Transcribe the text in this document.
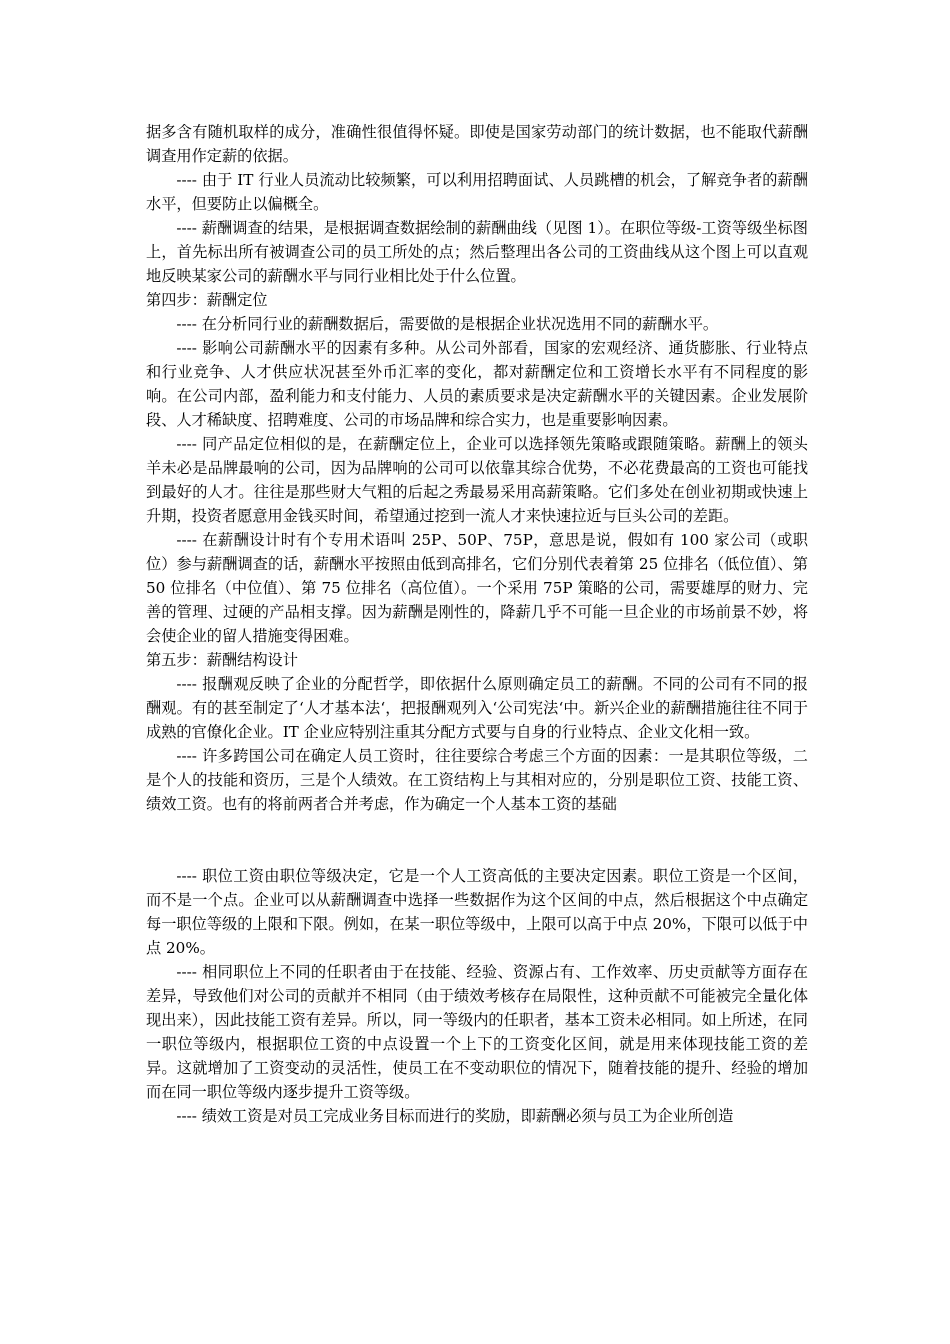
据多含有随机取样的成分，准确性很值得怀疑。即使是国家劳动部门的统计数据，也不能取代薪酬调查用作定薪的依据。

---- 由于 IT 行业人员流动比较频繁，可以利用招聘面试、人员跳槽的机会，了解竞争者的薪酬水平，但要防止以偏概全。

---- 薪酬调查的结果，是根据调查数据绘制的薪酬曲线（见图 1）。在职位等级-工资等级坐标图上，首先标出所有被调查公司的员工所处的点；然后整理出各公司的工资曲线从这个图上可以直观地反映某家公司的薪酬水平与同行业相比处于什么位置。

第四步：薪酬定位

---- 在分析同行业的薪酬数据后，需要做的是根据企业状况选用不同的薪酬水平。

---- 影响公司薪酬水平的因素有多种。从公司外部看，国家的宏观经济、通货膨胀、行业特点和行业竞争、人才供应状况甚至外币汇率的变化，都对薪酬定位和工资增长水平有不同程度的影响。在公司内部，盈利能力和支付能力、人员的素质要求是决定薪酬水平的关键因素。企业发展阶段、人才稀缺度、招聘难度、公司的市场品牌和综合实力，也是重要影响因素。

---- 同产品定位相似的是，在薪酬定位上，企业可以选择领先策略或跟随策略。薪酬上的领头羊未必是品牌最响的公司，因为品牌响的公司可以依靠其综合优势，不必花费最高的工资也可能找到最好的人才。往往是那些财大气粗的后起之秀最易采用高薪策略。它们多处在创业初期或快速上升期，投资者愿意用金钱买时间，希望通过挖到一流人才来快速拉近与巨头公司的差距。

---- 在薪酬设计时有个专用术语叫 25P、50P、75P，意思是说，假如有 100 家公司（或职位）参与薪酬调查的话，薪酬水平按照由低到高排名，它们分别代表着第 25 位排名（低位值）、第 50 位排名（中位值）、第 75 位排名（高位值）。一个采用 75P 策略的公司，需要雄厚的财力、完善的管理、过硬的产品相支撑。因为薪酬是刚性的，降薪几乎不可能一旦企业的市场前景不妙，将会使企业的留人措施变得困难。

第五步：薪酬结构设计

---- 报酬观反映了企业的分配哲学，即依据什么原则确定员工的薪酬。不同的公司有不同的报酬观。有的甚至制定了‘人才基本法‘，把报酬观列入‘公司宪法‘中。新兴企业的薪酬措施往往不同于成熟的官僚化企业。IT 企业应特别注重其分配方式要与自身的行业特点、企业文化相一致。

---- 许多跨国公司在确定人员工资时，往往要综合考虑三个方面的因素：一是其职位等级，二是个人的技能和资历，三是个人绩效。在工资结构上与其相对应的，分别是职位工资、技能工资、绩效工资。也有的将前两者合并考虑，作为确定一个人基本工资的基础

---- 职位工资由职位等级决定，它是一个人工资高低的主要决定因素。职位工资是一个区间，而不是一个点。企业可以从薪酬调查中选择一些数据作为这个区间的中点，然后根据这个中点确定每一职位等级的上限和下限。例如，在某一职位等级中，上限可以高于中点 20%，下限可以低于中点 20%。

---- 相同职位上不同的任职者由于在技能、经验、资源占有、工作效率、历史贡献等方面存在差异，导致他们对公司的贡献并不相同（由于绩效考核存在局限性，这种贡献不可能被完全量化体现出来），因此技能工资有差异。所以，同一等级内的任职者，基本工资未必相同。如上所述，在同一职位等级内，根据职位工资的中点设置一个上下的工资变化区间，就是用来体现技能工资的差异。这就增加了工资变动的灵活性，使员工在不变动职位的情况下，随着技能的提升、经验的增加而在同一职位等级内逐步提升工资等级。

---- 绩效工资是对员工完成业务目标而进行的奖励，即薪酬必须与员工为企业所创造
